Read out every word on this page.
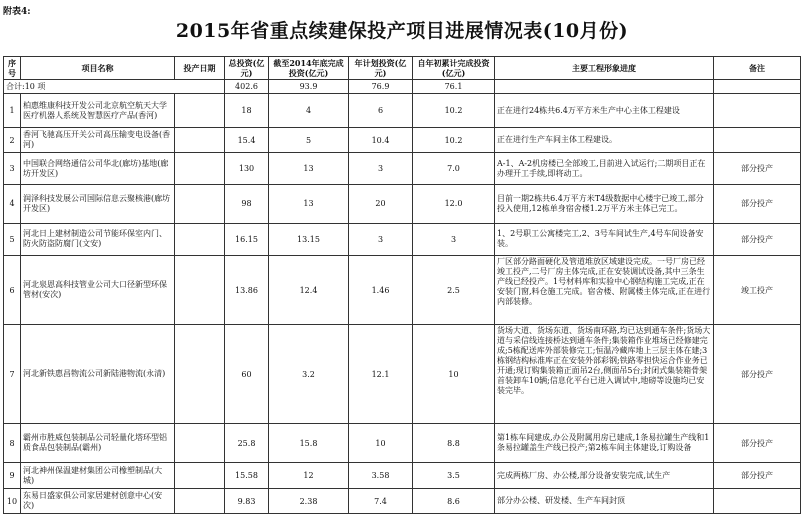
附表4:
2015年省重点续建保投产项目进展情况表(10月份)
序号	项目名称	投产日期	总投资(亿元)	截至2014年底完成投资(亿元)	年计划投资(亿元)	自年初累计完成投资(亿元)	主要工程形象进度	备注
合计:10 项			402.6	93.9	76.9	76.1		
1	柏惠维康科技开发公司北京航空航天大学医疗机器人系统及智慧医疗产品(香河)		18	4	6	10.2	正在进行24栋共6.4万平方米生产中心主体工程建设	
2	香河飞驰高压开关公司高压输变电设备(香河)		15.4	5	10.4	10.2	正在进行生产车间主体工程建设。	
3	中国联合网络通信公司华北(廊坊)基地(廊坊开发区)		130	13	3	7.0	A-1、A-2机房楼已全部竣工,目前进入试运行;二期项目正在办理开工手续,即将动工。	部分投产
4	润泽科技发展公司国际信息云聚核港(廊坊开发区)		98	13	20	12.0	目前一期2栋共6.4万平方米T4级数据中心楼宇已竣工,部分投入使用,12栋单身宿舍楼1.2万平方米主体已完工。	部分投产
5	河北日上建材制造公司节能环保室内门、防火防盗防腐门(文安)		16.15	13.15	3	3	1、2号职工公寓楼完工,2、3号车间试生产,4号车间设备安装。	部分投产
6	河北泉恩高科技管业公司大口径新型环保管材(安次)		13.86	12.4	1.46	2.5	厂区部分路面硬化及管道堆放区域建设完成。一号厂房已经竣工投产,二号厂房主体完成,正在安装调试设备,其中三条生产线已经投产。1号材料库和实验中心钢结构施工完成,正在安装门窗,料仓施工完成。宿舍楼、附属楼主体完成,正在进行内部装修。	竣工投产
7	河北新铁惠昌物流公司新陆港物流(永清)		60	3.2	12.1	10	货场大道、货场东道、货场南环路,均已达到通车条件;货场大道与采信线连接桥达到通车条件;集装箱作业堆场已经修建完成;5栋配送库外部装修完工;恒温冷藏库地上三层主体在建;3栋钢结构标准库正在安装外部彩钢;铁路零担快运合作业务已开通;现订购集装箱正面吊2台,侧面吊5台;封闭式集装箱骨架首装卸车10辆;信息化平台已进入调试中,地磅等设施均已安装完毕。	部分投产
8	霸州市胜威包装制品公司轻量化塔环型铝质食品包装制品(霸州)		25.8	15.8	10	8.8	第1栋车间建成,办公及附属用房已建成,1条易拉罐生产线和1条易拉罐盖生产线已投产;第2栋车间主体建设,订购设备	部分投产
9	河北神州保温建材集团公司橡塑制品(大城)		15.58	12	3.58	3.5	完成两栋厂房、办公楼,部分设备安装完成,试生产	部分投产
10	东易日盛家俱公司家居建材创意中心(安次)		9.83	2.38	7.4	8.6	部分办公楼、研发楼、生产车间封顶	
